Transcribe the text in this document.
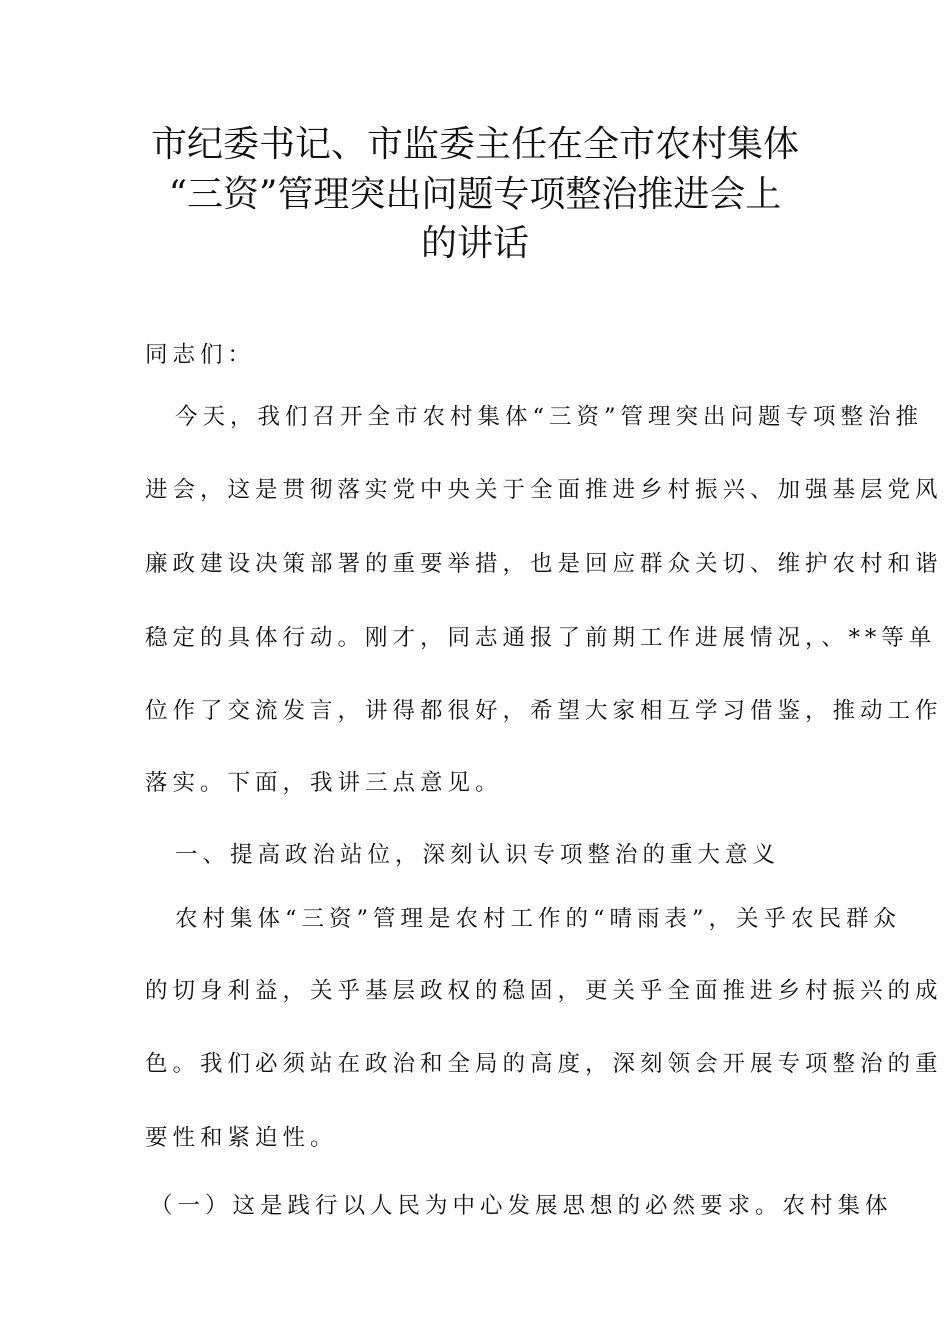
市纪委书记、市监委主任在全市农村集体
“三资”管理突出问题专项整治推进会上
的讲话
同志们：
今天，我们召开全市农村集体“三资”管理突出问题专项整治推
进会，这是贯彻落实党中央关于全面推进乡村振兴、加强基层党风
廉政建设决策部署的重要举措，也是回应群众关切、维护农村和谐
稳定的具体行动。刚才，同志通报了前期工作进展情况，、**等单
位作了交流发言，讲得都很好，希望大家相互学习借鉴，推动工作
落实。下面，我讲三点意见。
一、提高政治站位，深刻认识专项整治的重大意义
农村集体“三资”管理是农村工作的“晴雨表”，关乎农民群众
的切身利益，关乎基层政权的稳固，更关乎全面推进乡村振兴的成
色。我们必须站在政治和全局的高度，深刻领会开展专项整治的重
要性和紧迫性。
（一）这是践行以人民为中心发展思想的必然要求。农村集体
